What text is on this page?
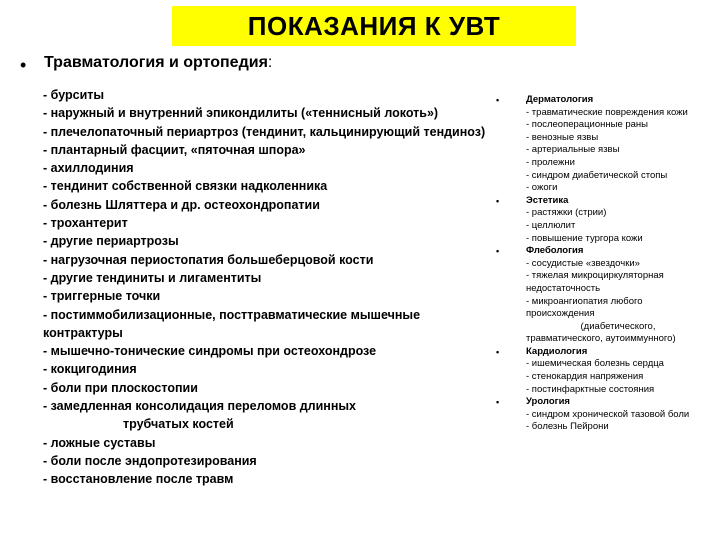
ПОКАЗАНИЯ К УВТ
• Травматология и ортопедия:
- бурситы
- наружный и внутренний эпикондилиты («теннисный локоть»)
- плечелопаточный периартроз (тендинит, кальцинирующий тендиноз)
- плантарный фасциит, «пяточная шпора»
- ахиллодиния
- тендинит собственной связки надколенника
- болезнь Шляттера и др. остеохондропатии
- трохантерит
- другие периартрозы
- нагрузочная периостопатия большеберцовой кости
- другие тендиниты и лигаментиты
- триггерные точки
- постиммобилизационные, посттравматические мышечные контрактуры
- мышечно-тонические синдромы при остеохондрозе
- кокцигодиния
- боли при плоскостопии
- замедленная консолидация переломов длинных
трубчатых костей
- ложные суставы
- боли после эндопротезирования
- восстановление после травм
•	Дерматология
- травматические повреждения кожи
- послеоперационные раны
- венозные язвы
- артериальные язвы
- пролежни
- синдром диабетической стопы
- ожоги
•	Эстетика
- растяжки (стрии)
- целлюлит
- повышение тургора кожи
•	Флебология
- сосудистые «звездочки»
- тяжелая микроциркуляторная недостаточность
- микроангиопатия любого происхождения
(диабетического,
травматического, аутоиммунного)
•	Кардиология
- ишемическая болезнь сердца
- стенокардия напряжения
- постинфарктные состояния
•	Урология
- синдром хронической тазовой боли
- болезнь Пейрони
